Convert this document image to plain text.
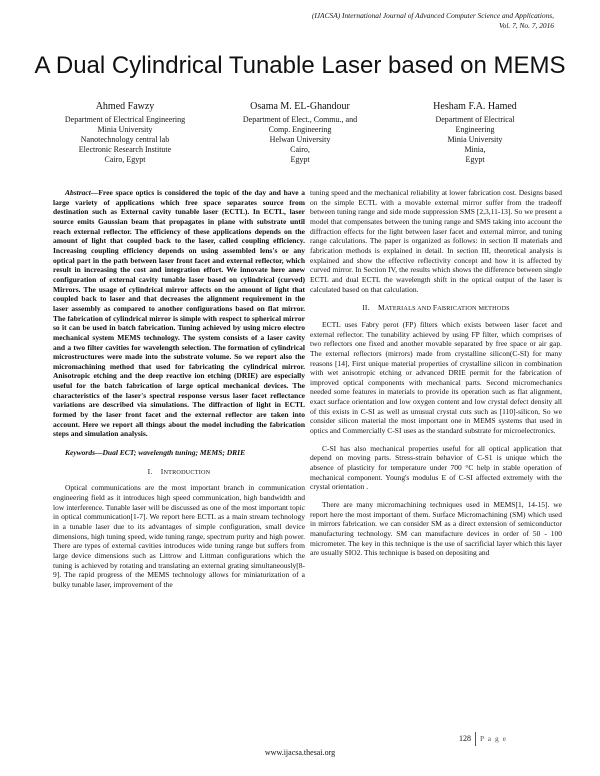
(IJACSA) International Journal of Advanced Computer Science and Applications,
Vol. 7, No. 7, 2016
A Dual Cylindrical Tunable Laser based on MEMS
Ahmed Fawzy
Department of Electrical Engineering
Minia University
Nanotechnology central lab
Electronic Research Institute
Cairo, Egypt
Osama M. EL-Ghandour
Department of Elect., Commu., and
Comp. Engineering
Helwan University
Cairo,
Egypt
Hesham F.A. Hamed
Department of Electrical
Engineering
Minia University
Minia,
Egypt

Abstract—Free space optics is considered the topic of the day and have a large variety of applications which free space separates source from destination such as External cavity tunable laser (ECTL). In ECTL, laser source emits Gaussian beam that propagates in plane with substrate until reach external reflector. The efficiency of these applications depends on the amount of light that coupled back to the laser, called coupling efficiency. Increasing coupling efficiency depends on using assembled lens's or any optical part in the path between laser front facet and external reflector, which result in increasing the cost and integration effort. We innovate here anew configuration of external cavity tunable laser based on cylindrical (curved) Mirrors. The usage of cylindrical mirror affects on the amount of light that coupled back to laser and that decreases the alignment requirement in the laser assembly as compared to another configurations based on flat mirror. The fabrication of cylindrical mirror is simple with respect to spherical mirror so it can be used in batch fabrication. Tuning achieved by using micro electro mechanical system MEMS technology. The system consists of a laser cavity and a two filter cavities for wavelength selection. The formation of cylindrical microstructures were made into the substrate volume. So we report also the micromachining method that used for fabricating the cylindrical mirror. Anisotropic etching and the deep reactive ion etching (DRIE) are especially useful for the batch fabrication of large optical mechanical devices. The characteristics of the laser's spectral response versus laser facet reflectance variations are described via simulations. The diffraction of light in ECTL formed by the laser front facet and the external reflector are taken into account. Here we report all things about the model including the fabrication steps and simulation analysis.

Keywords—Dual ECT; wavelength tuning; MEMS; DRIE

I. INTRODUCTION

Optical communications are the most important branch in communication engineering field as it introduces high speed communication, high bandwidth and low interference. Tunable laser will be discussed as one of the most important topic in optical communication[1-7]. We report here ECTL as a main stream technology in a tunable laser due to its advantages of simple configuration, small device dimensions, high tuning speed, wide tuning range, spectrum purity and high power. There are types of external cavities introduces wide tuning range but suffers from large device dimensions such as Littrow and Littman configurations which the tuning is achieved by rotating and translating an external grating simultaneously[8-9]. The rapid progress of the MEMS technology allows for miniaturization of a bulky tunable laser, improvement of the

tuning speed and the mechanical reliability at lower fabrication cost. Designs based on the simple ECTL with a movable external mirror suffer from the tradeoff between tuning range and side mode suppression SMS [2,3,11-13]. So we present a model that compensates between the tuning range and SMS taking into account the diffraction effects for the light between laser facet and external mirror, and tuning range calculations. The paper is organized as follows: in section II materials and fabrication methods is explained in detail. In section III, theoretical analysis is explained and show the effective reflectivity concept and how it is affected by curved mirror. In Section IV, the results which shows the difference between single ECTL and dual ECTL the wavelength shift in the optical output of the laser is calculated based on that calculation.

II. MATERIALS AND FABRICATION METHODS

ECTL uses Fabry perot (FP) filters which exists between laser facet and external reflector. The tunability achieved by using FP filter, which comprises of two reflectors one fixed and another movable separated by free space or air gap. The external reflectors (mirrors) made from crystalline silicon(C-SI) for many reasons [14], First unique material properties of crystalline silicon in combination with wet anisotropic etching or advanced DRIE permit for the fabrication of improved optical components with mechanical parts. Second micromechanics needed some features in materials to provide its operation such as flat alignment, exact surface orientation and low oxygen content and low crystal defect density all of this exists in C-SI as well as unusual crystal cuts such as [110]-silicon, So we consider silicon material the most important one in MEMS systems that used in optics and Commercially C-SI uses as the standard substrate for microelectronics.

C-SI has also mechanical properties useful for all optical application that depend on moving parts. Stress-strain behavior of C-S1 is unique which the absence of plasticity for temperature under 700 °C help in stable operation of mechanical component. Young's modulus E of C-SI affected extremely with the crystal orientation .

There are many micromachining techniques used in MEMS[1, 14-15]. we report here the most important of them. Surface Micromachining (SM) which used in mirrors fabrication. we can consider SM as a direct extension of semiconductor manufacturing technology. SM can manufacture devices in order of 50 - 100 micrometer. The key in this technique is the use of sacrificial layer which this layer are usually SIO2. This technique is based on depositing and

128 P a g e
www.ijacsa.thesai.org
